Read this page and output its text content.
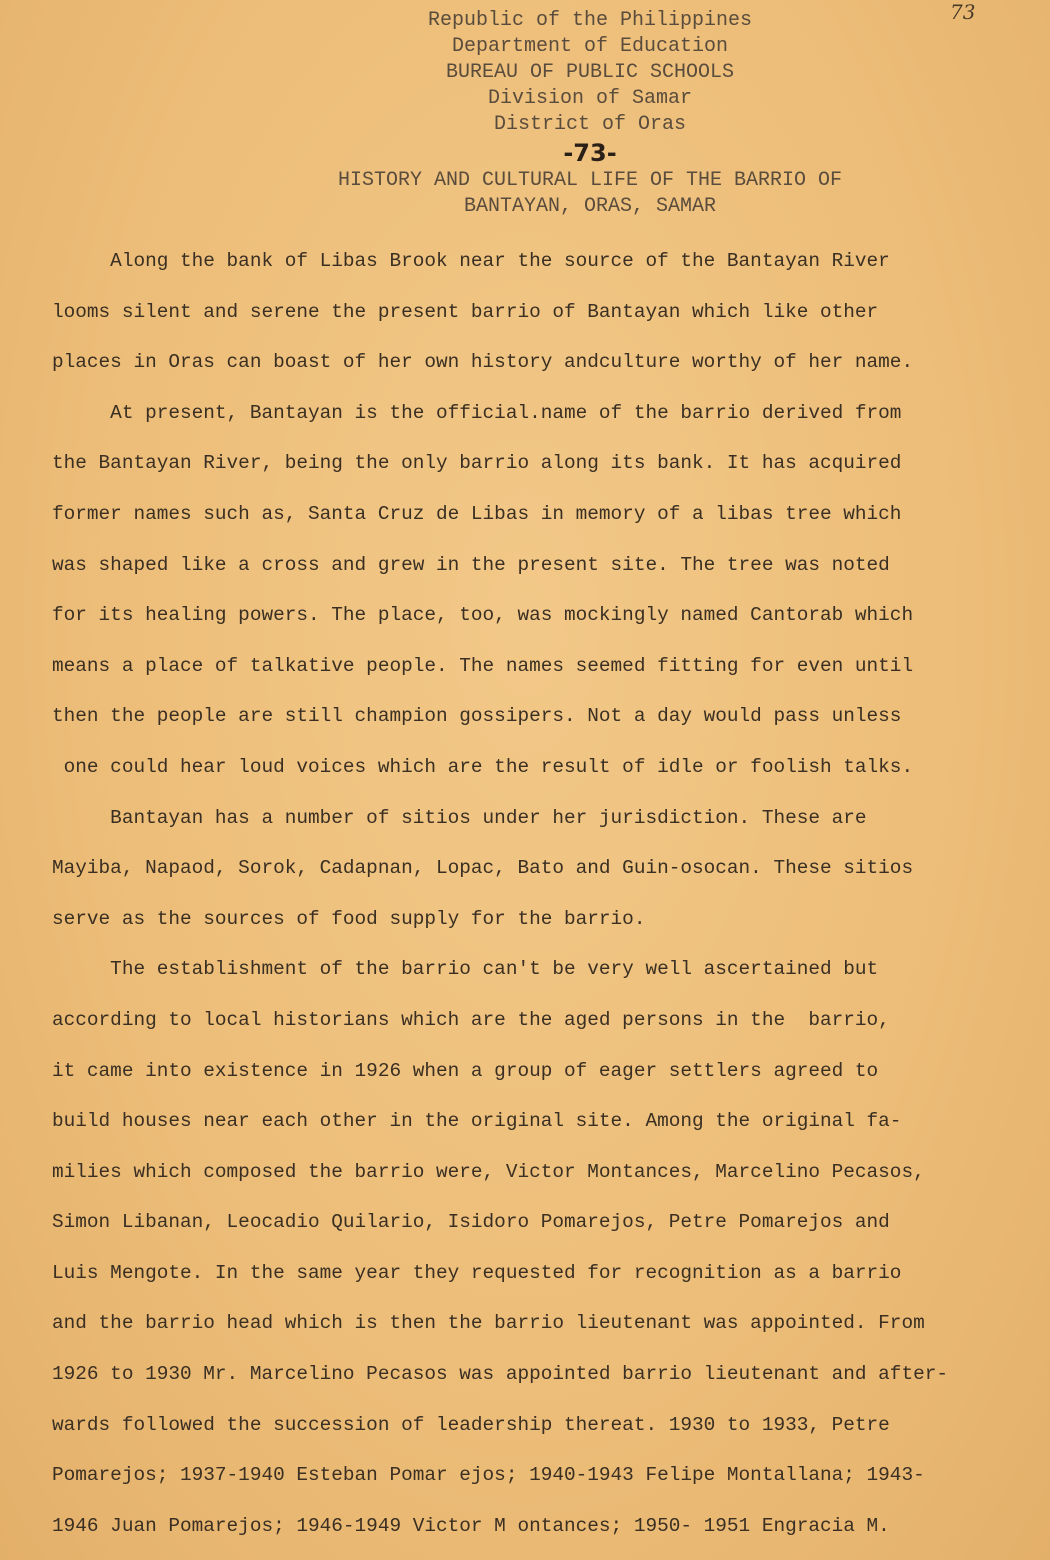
73
Republic of the Philippines
Department of Education
BUREAU OF PUBLIC SCHOOLS
Division of Samar
District of Oras
-73-
HISTORY AND CULTURAL LIFE OF THE BARRIO OF
BANTAYAN, ORAS, SAMAR
Along the bank of Libas Brook near the source of the Bantayan River
looms silent and serene the present barrio of Bantayan which like other
places in Oras can boast of her own history andculture worthy of her name.
At present, Bantayan is the official.name of the barrio derived from
the Bantayan River, being the only barrio along its bank. It has acquired
former names such as, Santa Cruz de Libas in memory of a libas tree which
was shaped like a cross and grew in the present site. The tree was noted
for its healing powers. The place, too, was mockingly named Cantorab which
means a place of talkative people. The names seemed fitting for even until
then the people are still champion gossipers. Not a day would pass unless
one could hear loud voices which are the result of idle or foolish talks.
Bantayan has a number of sitios under her jurisdiction. These are
Mayiba, Napaod, Sorok, Cadapnan, Lopac, Bato and Guin-osocan. These sitios
serve as the sources of food supply for the barrio.
The establishment of the barrio can't be very well ascertained but
according to local historians which are the aged persons in the  barrio,
it came into existence in 1926 when a group of eager settlers agreed to
build houses near each other in the original site. Among the original fa-
milies which composed the barrio were, Victor Montances, Marcelino Pecasos,
Simon Libanan, Leocadio Quilario, Isidoro Pomarejos, Petre Pomarejos and
Luis Mengote. In the same year they requested for recognition as a barrio
and the barrio head which is then the barrio lieutenant was appointed. From
1926 to 1930 Mr. Marcelino Pecasos was appointed barrio lieutenant and after-
wards followed the succession of leadership thereat. 1930 to 1933, Petre
Pomarejos; 1937-1940 Esteban Pomar ejos; 1940-1943 Felipe Montallana; 1943-
1946 Juan Pomarejos; 1946-1949 Victor M ontances; 1950- 1951 Engracia M.
